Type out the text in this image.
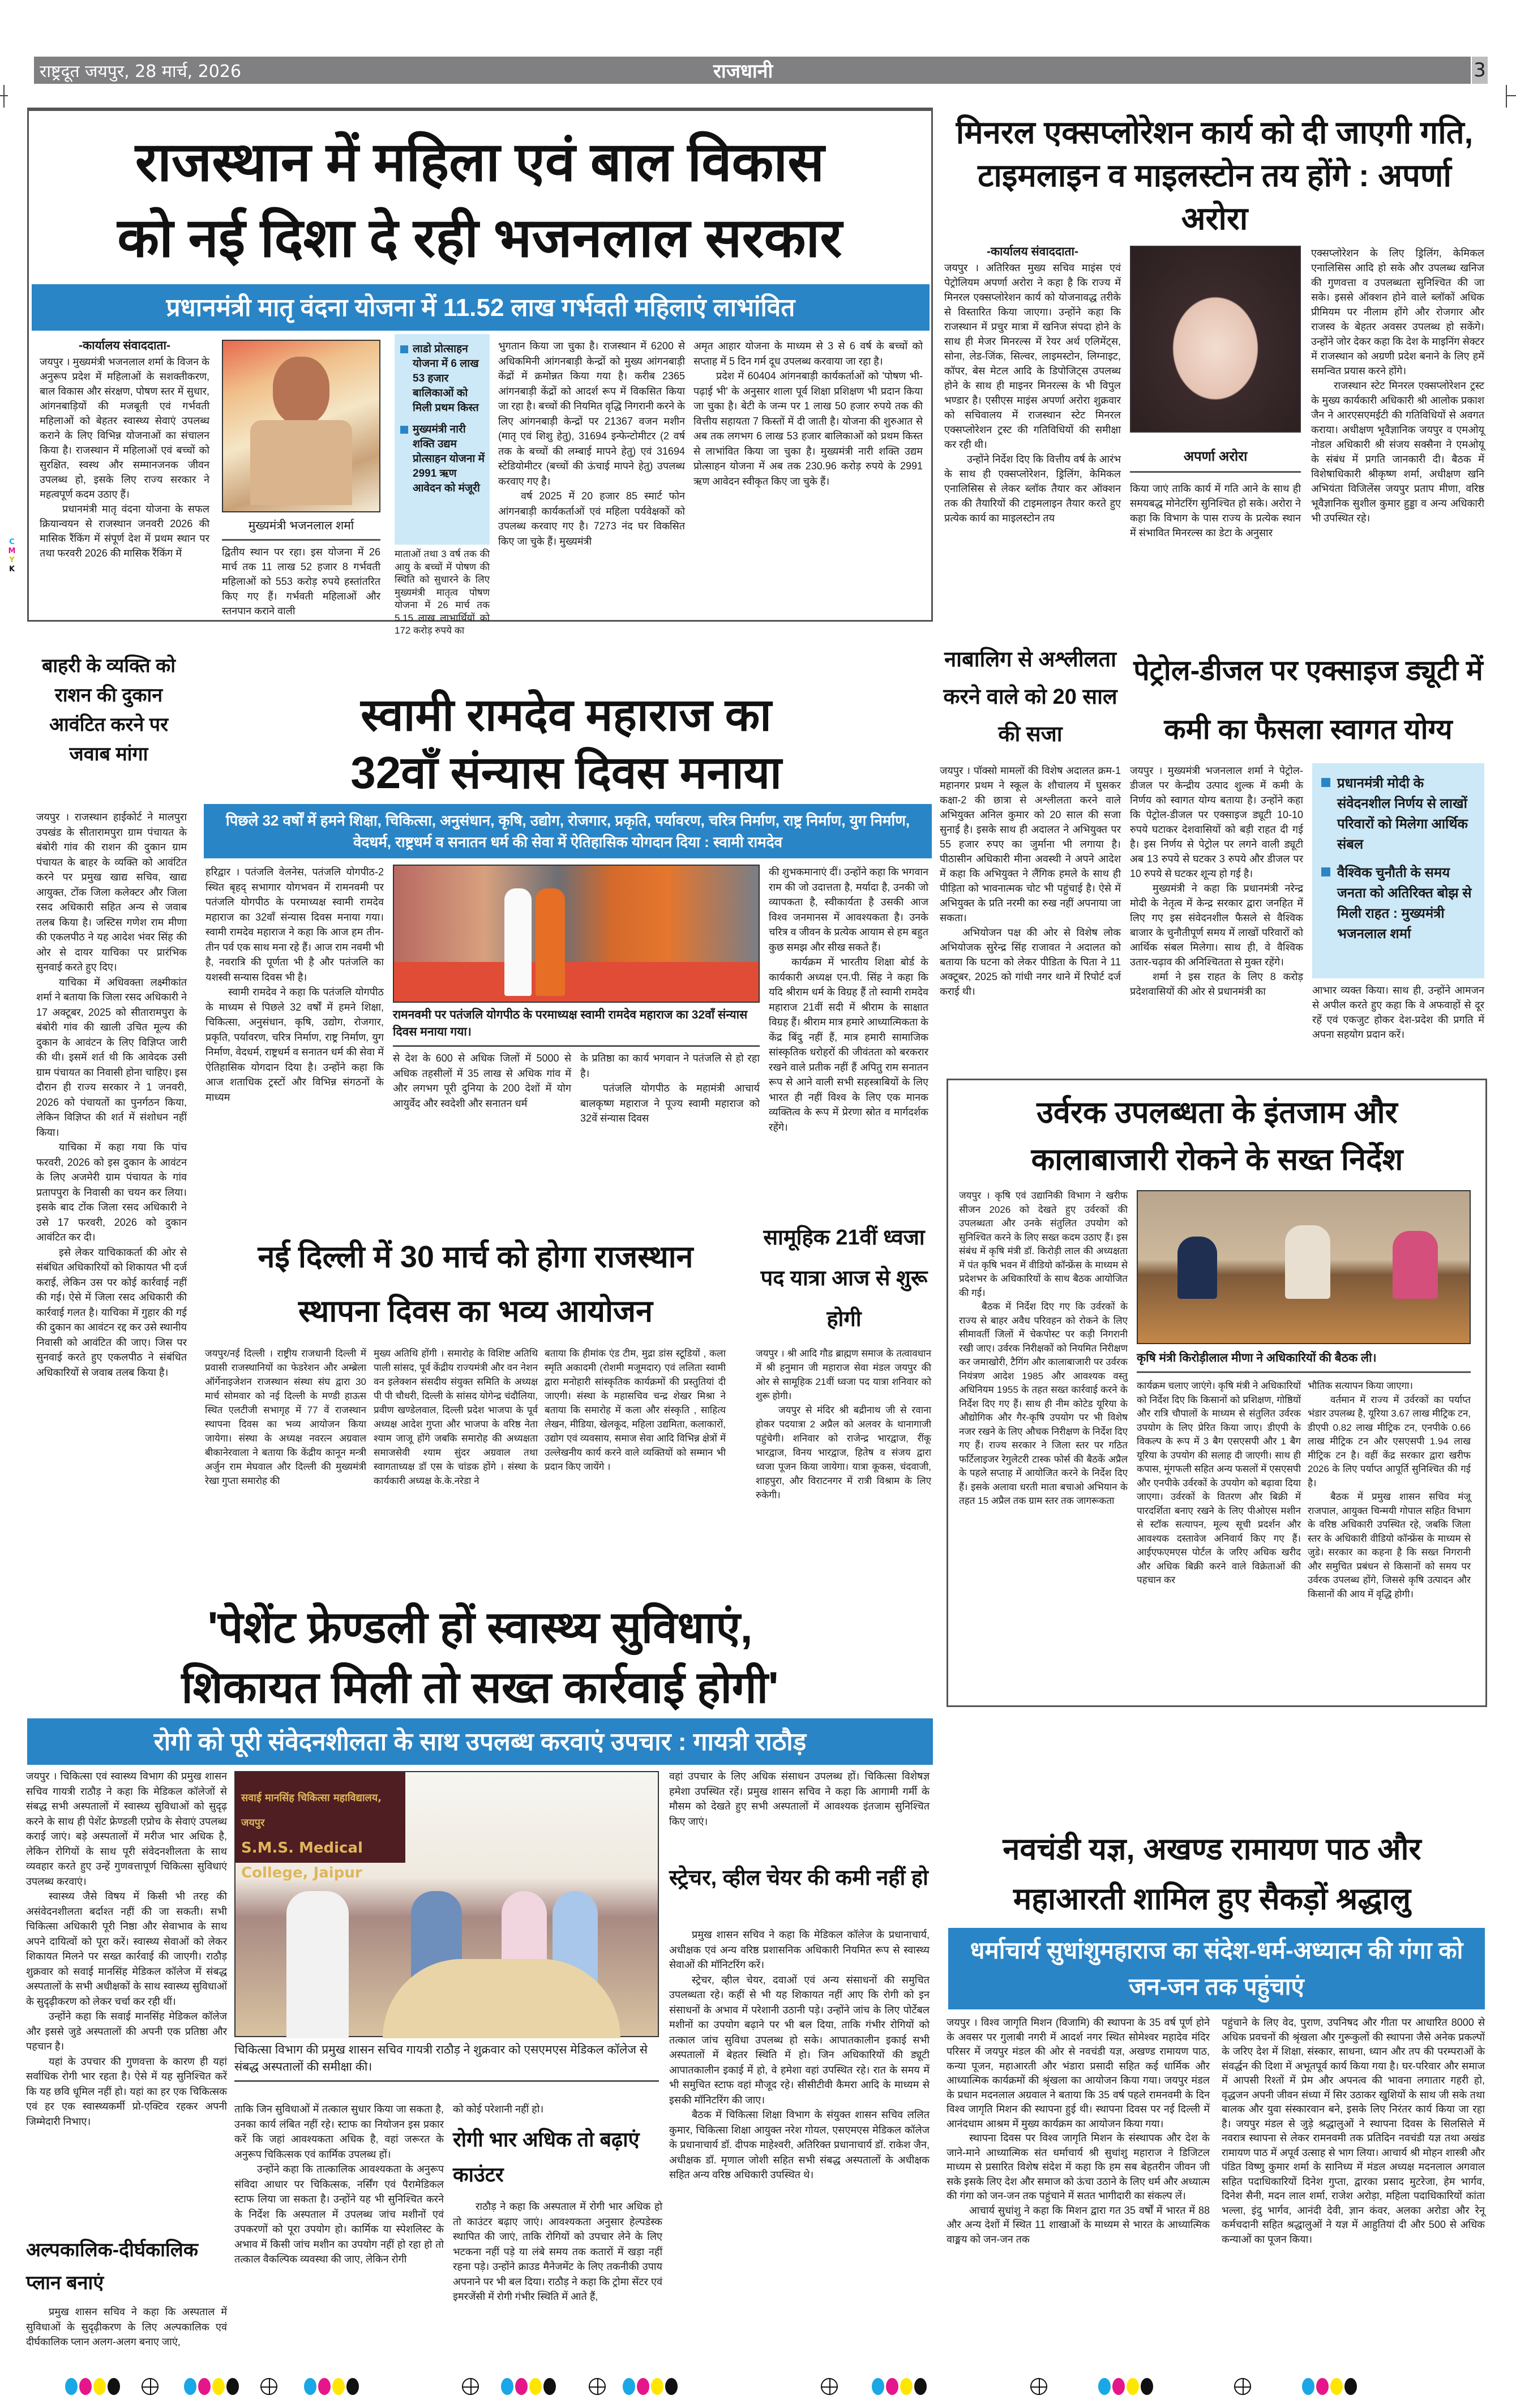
राष्ट्रदूत जयपुर, 28 मार्च, 2026	राजधानी	3
राजस्थान में महिला एवं बाल विकास
को नई दिशा दे रही भजनलाल सरकार
प्रधानमंत्री मातृ वंदना योजना में 11.52 लाख गर्भवती महिलाएं लाभांवित
-कार्यालय संवाददाता-

जयपुर । मुख्यमंत्री भजनलाल शर्मा के विजन के अनुरूप प्रदेश में महिलाओं के सशक्तीकरण, बाल विकास और संरक्षण, पोषण स्तर में सुधार, आंगनबाड़ियों की मजबूती एवं गर्भवती महिलाओं को बेहतर स्वास्थ्य सेवाएं उपलब्ध कराने के लिए विभिन्न योजनाओं का संचालन किया है। राजस्थान में महिलाओं एवं बच्चों को सुरक्षित, स्वस्थ और सम्मानजनक जीवन उपलब्ध हो, इसके लिए राज्य सरकार ने महत्वपूर्ण कदम उठाए हैं।

प्रधानमंत्री मातृ वंदना योजना के सफल क्रियान्वयन से राजस्थान जनवरी 2026 की मासिक रैंकिंग में संपूर्ण देश में प्रथम स्थान पर तथा फरवरी 2026 की मासिक रैंकिंग में

मुख्यमंत्री भजनलाल शर्मा

द्वितीय स्थान पर रहा। इस योजना में 26 मार्च तक 11 लाख 52 हजार 8 गर्भवती महिलाओं को 553 करोड़ रुपये हस्तांतरित किए गए हैं। गर्भवती महिलाओं और स्तनपान कराने वाली

लाडो प्रोत्साहन योजना में 6 लाख 53 हजार बालिकाओं को मिली प्रथम किस्त
मुख्यमंत्री नारी शक्ति उद्यम प्रोत्साहन योजना में 2991 ऋण आवेदन को मंजूरी

माताओं तथा 3 वर्ष तक की आयु के बच्चों में पोषण की स्थिति को सुधारने के लिए मुख्यमंत्री मातृत्व पोषण योजना में 26 मार्च तक 5.15 लाख लाभार्थियों को 172 करोड़ रुपये का

भुगतान किया जा चुका है। राजस्थान में 6200 से अधिकमिनी आंगनबाड़ी केन्द्रों को मुख्य आंगनबाड़ी केंद्रों में क्रमोन्नत किया गया है। करीब 2365 आंगनबाड़ी केंद्रों को आदर्श रूप में विकसित किया जा रहा है। बच्चों की नियमित वृद्धि निगरानी करने के लिए आंगनबाड़ी केन्द्रों पर 21367 वजन मशीन (मातृ एवं शिशु हेतु), 31694 इन्फेन्टोमीटर (2 वर्ष तक के बच्चों की लम्बाई मापने हेतु) एवं 31694 स्टेडियोमीटर (बच्चों की ऊंचाई मापने हेतु) उपलब्ध करवाए गए है।

वर्ष 2025 में 20 हजार 85 स्मार्ट फोन आंगनबाड़ी कार्यकर्ताओं एवं महिला पर्यवेक्षकों को उपलब्ध करवाए गए है। 7273 नंद घर विकसित किए जा चुके हैं। मुख्यमंत्री

अमृत आहार योजना के माध्यम से 3 से 6 वर्ष के बच्चों को सप्ताह में 5 दिन गर्म दूध उपलब्ध करवाया जा रहा है।

प्रदेश में 60404 आंगनबाड़ी कार्यकर्ताओं को 'पोषण भी-पढ़ाई भी' के अनुसार शाला पूर्व शिक्षा प्रशिक्षण भी प्रदान किया जा चुका है। बेटी के जन्म पर 1 लाख 50 हजार रुपये तक की वित्तीय सहायता 7 किस्तों में दी जाती है। योजना की शुरुआत से अब तक लगभग 6 लाख 53 हजार बालिकाओं को प्रथम किस्त से लाभांवित किया जा चुका है। मुख्यमंत्री नारी शक्ति उद्यम प्रोत्साहन योजना में अब तक 230.96 करोड़ रुपये के 2991 ऋण आवेदन स्वीकृत किए जा चुके हैं।

मिनरल एक्सप्लोरेशन कार्य को दी जाएगी गति, टाइमलाइन व माइलस्टोन तय होंगे : अपर्णा अरोरा
-कार्यालय संवाददाता-

जयपुर । अतिरिक्त मुख्य सचिव माइंस एवं पेट्रोलियम अपर्णा अरोरा ने कहा है कि राज्य में मिनरल एक्सप्लोरेशन कार्य को योजनावद्ध तरीके से विस्तारित किया जाएगा। उन्होंने कहा कि राजस्थान में प्रचुर मात्रा में खनिज संपदा होने के साथ ही मेजर मिनरल्स में रेयर अर्थ एलिमेंट्स, सोना, लेड-जिंक, सिल्वर, लाइमस्टोन, लिग्नाइट, कॉपर, बेस मेटल आदि के डिपोजिट्स उपलब्ध होने के साथ ही माइनर मिनरल्स के भी विपुल भण्डार है। एसीएस माइंस अपर्णा अरोरा शुक्रवार को सचिवालय में राजस्थान स्टेट मिनरल एक्सप्लोरेशन ट्रस्ट की गतिविधियों की समीक्षा कर रही थी।

उन्होंने निर्देश दिए कि वित्तीय वर्ष के आरंभ के साथ ही एक्सप्लोरेशन, ड्रिलिंग, केमिकल एनालिसिस से लेकर ब्लॉक तैयार कर ऑक्शन तक की तैयारियों की टाइमलाइन तैयार करते हुए प्रत्येक कार्य का माइलस्टोन तय

अपर्णा अरोरा

किया जाएं ताकि कार्य में गति आने के साथ ही समयबद्ध मोनेटरिंग सुनिश्चित हो सके। अरोरा ने कहा कि विभाग के पास राज्य के प्रत्येक स्थान में संभावित मिनरल्स का डेटा के अनुसार

एक्सप्लोरेशन के लिए ड्रिलिंग, केमिकल एनालिसिस आदि हो सके और उपलब्ध खनिज की गुणवत्ता व उपलब्धता सुनिश्चित की जा सके। इससे ऑक्शन होने वाले ब्लॉकों अधिक प्रीमियम पर नीलाम होंगे और रोजगार और राजस्व के बेहतर अवसर उपलब्ध हो सकेंगे। उन्होंने जोर देकर कहा कि देश के माइनिंग सेक्टर में राजस्थान को अग्रणी प्रदेश बनाने के लिए हमें समन्वित प्रयास करने होंगे।

राजस्थान स्टेट मिनरल एक्सप्लोरेशन ट्रस्ट के मुख्य कार्यकारी अधिकारी श्री आलोक प्रकाश जैन ने आरएसएमईटी की गतिविधियों से अवगत कराया। अधीक्षण भूवैज्ञानिक जयपुर व एमओयू नोडल अधिकारी श्री संजय सक्सैना ने एमओयू के संबंध में प्रगति जानकारी दी। बैठक में विशेषाधिकारी श्रीकृष्ण शर्मा, अधीक्षण खनि अभियंता विजिलेंस जयपुर प्रताप मीणा, वरिष्ठ भूवैज्ञानिक सुशील कुमार हुड्डा व अन्य अधिकारी भी उपस्थित रहे।

बाहरी के व्यक्ति को राशन की दुकान आवंटित करने पर जवाब मांगा

जयपुर । राजस्थान हाईकोर्ट ने मालपुरा उपखंड के सीतारामपुरा ग्राम पंचायत के बंबोरी गांव की राशन की दुकान ग्राम पंचायत के बाहर के व्यक्ति को आवंटित करने पर प्रमुख खाद्य सचिव, खाद्य आयुक्त, टोंक जिला कलेक्टर और जिला रसद अधिकारी सहित अन्य से जवाब तलब किया है। जस्टिस गणेश राम मीणा की एकलपीठ ने यह आदेश भंवर सिंह की ओर से दायर याचिका पर प्रारंभिक सुनवाई करते हुए दिए।

याचिका में अधिवक्ता लक्ष्मीकांत शर्मा ने बताया कि जिला रसद अधिकारी ने 17 अक्टूबर, 2025 को सीतारामपुरा के बंबोरी गांव की खाली उचित मूल्य की दुकान के आवंटन के लिए विज्ञिप्त जारी की थी। इसमें शर्त थी कि आवेदक उसी ग्राम पंचायत का निवासी होना चाहिए। इस दौरान ही राज्य सरकार ने 1 जनवरी, 2026 को पंचायतों का पुनर्गठन किया, लेकिन विज्ञिप्त की शर्त में संशोधन नहीं किया।

याचिका में कहा गया कि पांच फरवरी, 2026 को इस दुकान के आवंटन के लिए अजमेरी ग्राम पंचायत के गांव प्रतापपुरा के निवासी का चयन कर लिया। इसके बाद टोंक जिला रसद अधिकारी ने उसे 17 फरवरी, 2026 को दुकान आवंटित कर दी।

इसे लेकर याचिकाकर्ता की ओर से संबंधित अधिकारियों को शिकायत भी दर्ज कराई, लेकिन उस पर कोई कार्रवाई नहीं की गई। ऐसे में जिला रसद अधिकारी की कार्रवाई गलत है। याचिका में गुहार की गई की दुकान का आवंटन रद्द कर उसे स्थानीय निवासी को आवंटित की जाए। जिस पर सुनवाई करते हुए एकलपीठ ने संबंधित अधिकारियों से जवाब तलब किया है।

स्वामी रामदेव महाराज का
32वाँ संन्यास दिवस मनाया
पिछले 32 वर्षों में हमने शिक्षा, चिकित्सा, अनुसंधान, कृषि, उद्योग, रोजगार, प्रकृति, पर्यावरण, चरित्र निर्माण, राष्ट्र निर्माण, युग निर्माण, वेदधर्म, राष्ट्रधर्म व सनातन धर्म की सेवा में ऐतिहासिक योगदान दिया : स्वामी रामदेव

हरिद्वार । पतंजलि वेलनेस, पतंजलि योगपीठ-2 स्थित बृहद् सभागार योगभवन में रामनवमी पर पतंजलि योगपीठ के परमाध्यक्ष स्वामी रामदेव महाराज का 32वाँ संन्यास दिवस मनाया गया। स्वामी रामदेव महाराज ने कहा कि आज हम तीन-तीन पर्व एक साथ मना रहे हैं। आज राम नवमी भी है, नवरात्रि की पूर्णता भी है और पतंजलि का यशस्वी सन्यास दिवस भी है।

स्वामी रामदेव ने कहा कि पतंजलि योगपीठ के माध्यम से पिछले 32 वर्षों में हमने शिक्षा, चिकित्सा, अनुसंधान, कृषि, उद्योग, रोजगार, प्रकृति, पर्यावरण, चरित्र निर्माण, राष्ट्र निर्माण, युग निर्माण, वेदधर्म, राष्ट्रधर्म व सनातन धर्म की सेवा में ऐतिहासिक योगदान दिया है। उन्होंने कहा कि आज शताधिक ट्रस्टों और विभिन्न संगठनों के माध्यम

रामनवमी पर पतंजलि योगपीठ के परमाध्यक्ष स्वामी रामदेव महाराज का 32वाँ संन्यास दिवस मनाया गया।

से देश के 600 से अधिक जिलों में 5000 से अधिक तहसीलों में 35 लाख से अधिक गांव में और लगभग पूरी दुनिया के 200 देशों में योग आयुर्वेद और स्वदेशी और सनातन धर्म

के प्रतिष्ठा का कार्य भगवान ने पतंजलि से हो रहा है।

पतंजलि योगपीठ के महामंत्री आचार्य बालकृष्ण महाराज ने पूज्य स्वामी महाराज को 32वें संन्यास दिवस

की शुभकमानाएं दीं। उन्होंने कहा कि भगवान राम की जो उदात्तता है, मर्यादा है, उनकी जो व्यापकता है, स्वीकार्यता है उसकी आज विश्व जनमानस में आवश्यकता है। उनके चरित्र व जीवन के प्रत्येक आयाम से हम बहुत कुछ समझ और सीख सकते हैं।

कार्यक्रम में भारतीय शिक्षा बोर्ड के कार्यकारी अध्यक्ष एन.पी. सिंह ने कहा कि यदि श्रीराम धर्म के विग्रह हैं तो स्वामी रामदेव महाराज 21वीं सदी में श्रीराम के साक्षात विग्रह हैं। श्रीराम मात्र हमारे आध्यात्मिकता के केंद्र बिंदु नहीं हैं, मात्र हमारी सामाजिक सांस्कृतिक धरोहरों की जीवंतता को बरकरार रखने वाले प्रतीक नहीं हैं अपितु राम सनातन रूप से आने वाली सभी सहस्त्राबियों के लिए भारत ही नहीं विश्व के लिए एक मानक व्यक्तित्व के रूप में प्रेरणा स्रोत व मार्गदर्शक रहेंगे।

नाबालिग से अश्लीलता करने वाले को 20 साल की सजा

जयपुर । पॉक्सो मामलों की विशेष अदालत क्रम-1 महानगर प्रथम ने स्कूल के शौचालय में घुसकर कक्षा-2 की छात्रा से अश्लीलता करने वाले अभियुक्त अनिल कुमार को 20 साल की सजा सुनाई है। इसके साथ ही अदालत ने अभियुक्त पर 55 हजार रुपए का जुर्माना भी लगाया है। पीठासीन अधिकारी मीना अवस्थी ने अपने आदेश में कहा कि अभियुक्त ने लैंगिक हमले के साथ ही पीड़िता को भावनात्मक चोट भी पहुंचाई है। ऐसे में अभियुक्त के प्रति नरमी का रुख नहीं अपनाया जा सकता।

अभियोजन पक्ष की ओर से विशेष लोक अभियोजक सुरेन्द्र सिंह राजावत ने अदालत को बताया कि घटना को लेकर पीडिता के पिता ने 11 अक्टूबर, 2025 को गांधी नगर थाने में रिपोर्ट दर्ज कराई थी।

पेट्रोल-डीजल पर एक्साइज ड्यूटी में कमी का फैसला स्वागत योग्य

जयपुर । मुख्यमंत्री भजनलाल शर्मा ने पेट्रोल-डीजल पर केन्द्रीय उत्पाद शुल्क में कमी के निर्णय को स्वागत योग्य बताया है। उन्होंने कहा कि पेट्रोल-डीजल पर एक्साइज ड्यूटी 10-10 रुपये घटाकर देशवासियों को बड़ी राहत दी गई है। इस निर्णय से पेट्रोल पर लगने वाली ड्यूटी अब 13 रुपये से घटकर 3 रुपये और डीजल पर 10 रुपये से घटकर शून्य हो गई है।

मुख्यमंत्री ने कहा कि प्रधानमंत्री नरेन्द्र मोदी के नेतृत्व में केन्द्र सरकार द्वारा जनहित में लिए गए इस संवेदनशील फैसले से वैश्विक बाजार के चुनौतीपूर्ण समय में लाखों परिवारों को आर्थिक संबल मिलेगा। साथ ही, वे वैश्विक उतार-चढ़ाव की अनिश्चितता से मुक्त रहेंगे।

शर्मा ने इस राहत के लिए 8 करोड़ प्रदेशवासियों की ओर से प्रधानमंत्री का

प्रधानमंत्री मोदी के संवेदनशील निर्णय से लाखों परिवारों को मिलेगा आर्थिक संबल
वैश्विक चुनौती के समय जनता को अतिरिक्त बोझ से मिली राहत : मुख्यमंत्री भजनलाल शर्मा

आभार व्यक्त किया। साथ ही, उन्होंने आमजन से अपील करते हुए कहा कि वे अफवाहों से दूर रहें एवं एकजुट होकर देश-प्रदेश की प्रगति में अपना सहयोग प्रदान करें।

उर्वरक उपलब्धता के इंतजाम और
कालाबाजारी रोकने के सख्त निर्देश

जयपुर । कृषि एवं उद्यानिकी विभाग ने खरीफ सीजन 2026 को देखते हुए उर्वरकों की उपलब्धता और उनके संतुलित उपयोग को सुनिश्चित करने के लिए सख्त कदम उठाए हैं। इस संबंध में कृषि मंत्री डॉ. किरोड़ी लाल की अध्यक्षता में पंत कृषि भवन में वीडियो कॉन्फ्रेंस के माध्यम से प्रदेशभर के अधिकारियों के साथ बैठक आयोजित की गई।

बैठक में निर्देश दिए गए कि उर्वरकों के राज्य से बाहर अवैध परिवहन को रोकने के लिए सीमावर्ती जिलों में चेकपोस्ट पर कड़ी निगरानी रखी जाए। उर्वरक निरीक्षकों को नियमित निरीक्षण कर जमाखोरी, टैगिंग और कालाबाजारी पर उर्वरक नियंत्रण आदेश 1985 और आवश्यक वस्तु अधिनियम 1955 के तहत सख्त कार्रवाई करने के निर्देश दिए गए हैं। साथ ही नीम कोटेड यूरिया के औद्योगिक और गैर-कृषि उपयोग पर भी विशेष नजर रखने के लिए औचक निरीक्षण के निर्देश दिए गए हैं। राज्य सरकार ने जिला स्तर पर गठित फर्टिलाइजर रेगुलेटरी टास्क फोर्स की बैठकें अप्रैल के पहले सप्ताह में आयोजित करने के निर्देश दिए हैं। इसके अलावा धरती माता बचाओ अभियान के तहत 15 अप्रैल तक ग्राम स्तर तक जागरूकता

कृषि मंत्री किरोड़ीलाल मीणा ने अधिकारियों की बैठक ली।

कार्यक्रम चलाए जाएंगे। कृषि मंत्री ने अधिकारियों को निर्देश दिए कि किसानों को प्रशिक्षण, गोष्ठियों और रात्रि चौपालों के माध्यम से संतुलित उर्वरक उपयोग के लिए प्रेरित किया जाए। डीएपी के विकल्प के रूप में 3 बैग एसएसपी और 1 बैग यूरिया के उपयोग की सलाह दी जाएगी। साथ ही कपास, मूंगफली सहित अन्य फसलों में एसएसपी और एनपीके उर्वरकों के उपयोग को बढ़ावा दिया जाएगा। उर्वरकों के वितरण और बिक्री में पारदर्शिता बनाए रखने के लिए पीओएस मशीन से स्टॉक सत्यापन, मूल्य सूची प्रदर्शन और आवश्यक दस्तावेज अनिवार्य किए गए हैं। आईएफएमएस पोर्टल के जरिए अधिक खरीद और अधिक बिक्री करने वाले विक्रेताओं की पहचान कर

भौतिक सत्यापन किया जाएगा।

वर्तमान में राज्य में उर्वरकों का पर्याप्त भंडार उपलब्ध है, यूरिया 3.67 लाख मीट्रिक टन, डीएपी 0.82 लाख मीट्रिक टन, एनपीके 0.66 लाख मीट्रिक टन और एसएसपी 1.94 लाख मीट्रिक टन है। वहीं केंद्र सरकार द्वारा खरीफ 2026 के लिए पर्याप्त आपूर्ति सुनिश्चित की गई है।

बैठक में प्रमुख शासन सचिव मंजू राजपाल, आयुक्त चिन्मयी गोपाल सहित विभाग के वरिष्ठ अधिकारी उपस्थित रहे, जबकि जिला स्तर के अधिकारी वीडियो कॉन्फ्रेंस के माध्यम से जुडे। सरकार का कहना है कि सख्त निगरानी और समुचित प्रबंधन से किसानों को समय पर उर्वरक उपलब्ध होंगे, जिससे कृषि उत्पादन और किसानों की आय में वृद्धि होगी।

नई दिल्ली में 30 मार्च को होगा राजस्थान
स्थापना दिवस का भव्य आयोजन

जयपुर/नई दिल्ली । राष्ट्रीय राजधानी दिल्ली में प्रवासी राजस्थानियों का फेडरेशन और अम्ब्रेला ऑर्गेनाइजेशन राजस्थान संस्था संघ द्वारा 30 मार्च सोमवार को नई दिल्ली के मण्डी हाऊस स्थित एलटीजी सभागृह में 77 वें राजस्थान स्थापना दिवस का भव्य आयोजन किया जायेगा। संस्था के अध्यक्ष नवरत्न अग्रवाल बीकानेरवाला ने बताया कि केंद्रीय कानून मन्त्री अर्जुन राम मेघवाल और दिल्ली की मुख्यमंत्री रेखा गुप्ता समारोह की

मुख्य अतिथि होंगी । समारोह के विशिष्ट अतिथि पाली सांसद, पूर्व केंद्रीय राज्यमंत्री और वन नेशन वन इलेक्शन संसदीय संयुक्त समिति के अध्यक्ष पी पी चौधरी, दिल्ली के सांसद योगेन्द्र चंदौलिया, प्रवीण खण्डेलवाल, दिल्ली प्रदेश भाजपा के पूर्व अध्यक्ष आदेश गुप्ता और भाजपा के वरिष्ठ नेता श्याम जाजू होंगे जबकि समारोह की अध्यक्षता समाजसेवी श्याम सुंदर अग्रवाल तथा स्वागताध्यक्ष डॉ एस के चांडक होंगे । संस्था के कार्यकारी अध्यक्ष के.के.नरेडा ने

बताया कि हीमांक एंड टीम, मुद्रा डांस स्टूडियों , कला स्मृति अकादमी (रोशमी मजूमदार) एवं ललिता स्वामी द्वारा मनोहारी सांस्कृतिक कार्यक्रमों की प्रस्तुतियां दी जाएगी। संस्था के महासचिव चन्द्र शेखर मिश्रा ने बताया कि समारोह में कला और संस्कृति , साहित्य लेखन, मीडिया, खेलकूद, महिला उद्यमिता, कलाकारों, उद्योग एवं व्यवसाय, समाज सेवा आदि विभिन्न क्षेत्रों में उल्लेखनीय कार्य करने वाले व्यक्तियों को सम्मान भी प्रदान किए जायेंगे ।

सामूहिक 21वीं ध्वजा पद यात्रा आज से शुरू होगी

जयपुर । श्री आदि गौड ब्राह्मण समाज के तत्वावधान में श्री हनुमान जी महाराज सेवा मंडल जयपुर की ओर से सामूहिक 21वीं ध्वजा पद यात्रा शनिवार को शुरू होगी।

जयपुर से मंदिर श्री बद्रीनाथ जी से रवाना होकर पदयात्रा 2 अप्रैल को अलवर के थानागाजी पहुंचेगी। शनिवार को राजेन्द्र भारद्वाज, रींकू भारद्वाज, विनय भारद्वाज, हितेष व संजय द्वारा ध्वजा पूजन किया जायेगा। यात्रा कूकस, चंदवाजी, शाहपुरा, और विराटनगर में रात्री विश्राम के लिए रुकेगी।

'पेशेंट फ्रेण्डली हों स्वास्थ्य सुविधाएं,
शिकायत मिली तो सख्त कार्रवाई होगी'
रोगी को पूरी संवेदनशीलता के साथ उपलब्ध करवाएं उपचार : गायत्री राठौड़

जयपुर । चिकित्सा एवं स्वास्थ्य विभाग की प्रमुख शासन सचिव गायत्री राठौड़ ने कहा कि मेडिकल कॉलेजों से संबद्ध सभी अस्पतालों में स्वास्थ्य सुविधाओं को सुदृढ़ करने के साथ ही पेशेंट फ्रेण्डली एप्रोच के सेवाएं उपलब्ध कराई जाएं। बड़े अस्पतालों में मरीज भार अधिक है, लेकिन रोगियों के साथ पूरी संवेदनशीलता के साथ व्यवहार करते हुए उन्हें गुणवत्तापूर्ण चिकित्सा सुविधाएं उपलब्ध करवाएं।

स्वास्थ्य जैसे विषय में किसी भी तरह की असंवेदनशीलता बर्दाश्त नहीं की जा सकती। सभी चिकित्सा अधिकारी पूरी निष्ठा और सेवाभाव के साथ अपने दायित्वों को पूरा करें। स्वास्थ्य सेवाओं को लेकर शिकायत मिलने पर सख्त कार्रवाई की जाएगी। राठौड़ शुक्रवार को सवाई मानसिंह मेडिकल कॉलेज में संबद्ध अस्पतालों के सभी अधीक्षकों के साथ स्वास्थ्य सुविधाओं के सुदृढ़ीकरण को लेकर चर्चा कर रही थीं।

उन्होंने कहा कि सवाई मानसिंह मेडिकल कॉलेज और इससे जुडे अस्पतालों की अपनी एक प्रतिष्ठा और पहचान है।

यहां के उपचार की गुणवत्ता के कारण ही यहां सर्वाधिक रोगी भार रहता है। ऐसे में यह सुनिश्चित करें कि यह छवि धूमिल नहीं हो। यहां का हर एक चिकित्सक एवं हर एक स्वास्थ्यकर्मी प्रो-एक्टिव रहकर अपनी जिम्मेदारी निभाए।

अल्पकालिक-दीर्घकालिक प्लान बनाएं

प्रमुख शासन सचिव ने कहा कि अस्पताल में सुविधाओं के सुदृढ़ीकरण के लिए अल्पकालिक एवं दीर्घकालिक प्लान अलग-अलग बनाए जाएं,

सवाई मानसिंह चिकित्सा महाविद्यालय, जयपुर
S.M.S. Medical College, Jaipur
चिकित्सा विभाग की प्रमुख शासन सचिव गायत्री राठौड़ ने शुक्रवार को एसएमएस मेडिकल कॉलेज से संबद्ध अस्पतालों की समीक्षा की।

ताकि जिन सुविधाओं में तत्काल सुधार किया जा सकता है, उनका कार्य लंबित नहीं रहे। स्टाफ का नियोजन इस प्रकार करें कि जहां आवश्यकता अधिक है, वहां जरूरत के अनुरूप चिकित्सक एवं कार्मिक उपलब्ध हों।

उन्होंने कहा कि तात्कालिक आवश्यकता के अनुरूप संविदा आधार पर चिकित्सक, नर्सिंग एवं पैरामेडिकल स्टाफ लिया जा सकता है। उन्होंने यह भी सुनिश्चित करने के निर्देश कि अस्पताल में उपलब्ध जांच मशीनों एवं उपकरणों को पूरा उपयोग हो। कार्मिक या स्पेशलिस्ट के अभाव में किसी जांच मशीन का उपयोग नहीं हो रहा हो तो तत्काल वैकल्पिक व्यवस्था की जाए, लेकिन रोगी

को कोई परेशानी नहीं हो।

रोगी भार अधिक तो बढ़ाएं काउंटर

राठौड़ ने कहा कि अस्पताल में रोगी भार अधिक हो तो काउंटर बढ़ाए जाएं। आवश्यकता अनुसार हेल्पडेस्क स्थापित की जाएं, ताकि रोगियों को उपचार लेने के लिए भटकना नहीं पड़े या लंबे समय तक कतारों में खड़ा नहीं रहना पड़े। उन्होंने क्राउड मैनेजमेंट के लिए तकनीकी उपाय अपनाने पर भी बल दिया। राठौड़ ने कहा कि ट्रोमा सेंटर एवं इमरजेंसी में रोगी गंभीर स्थिति में आते हैं,

वहां उपचार के लिए अधिक संसाधन उपलब्ध हों। चिकित्सा विशेषज्ञ हमेशा उपस्थित रहें। प्रमुख शासन सचिव ने कहा कि आगामी गर्मी के मौसम को देखते हुए सभी अस्पतालों में आवश्यक इंतजाम सुनिश्चित किए जाएं।

स्ट्रेचर, व्हील चेयर की कमी नहीं हो

प्रमुख शासन सचिव ने कहा कि मेडिकल कॉलेज के प्रधानाचार्य, अधीक्षक एवं अन्य वरिष्ठ प्रशासनिक अधिकारी नियमित रूप से स्वास्थ्य सेवाओं की मॉनिटरिंग करें।

स्ट्रेचर, व्हील चेयर, दवाओं एवं अन्य संसाधनों की समुचित उपलब्धता रहे। कहीं से भी यह शिकायत नहीं आए कि रोगी को इन संसाधनों के अभाव में परेशानी उठानी पड़े। उन्होंने जांच के लिए पोर्टेबल मशीनों का उपयोग बढ़ाने पर भी बल दिया, ताकि गंभीर रोगियों को तत्काल जांच सुविधा उपलब्ध हो सके। आपातकालीन इकाई सभी अस्पतालों में बेहतर स्थिति में हो। जिन अधिकारियों की ड्यूटी आपातकालीन इकाई में हो, वे हमेशा वहां उपस्थित रहे। रात के समय में भी समुचित स्टाफ वहां मौजूद रहे। सीसीटीवी कैमरा आदि के माध्यम से इसकी मॉनिटरिंग की जाए।

बैठक में चिकित्सा शिक्षा विभाग के संयुक्त शासन सचिव ललित कुमार, चिकित्सा शिक्षा आयुक्त नरेश गोयल, एसएमएस मेडिकल कॉलेज के प्रधानाचार्य डॉ. दीपक माहेश्वरी, अतिरिक्त प्रधानाचार्य डॉ. राकेश जैन, अधीक्षक डॉ. मृणाल जोशी सहित सभी संबद्ध अस्पतालों के अधीक्षक सहित अन्य वरिष्ठ अधिकारी उपस्थित थे।

नवचंडी यज्ञ, अखण्ड रामायण पाठ और
महाआरती शामिल हुए सैकड़ों श्रद्धालु
धर्माचार्य सुधांशुमहाराज का संदेश-धर्म-अध्यात्म की गंगा को जन-जन तक पहुंचाएं

जयपुर । विश्व जागृति मिशन (विजामि) की स्थापना के 35 वर्ष पूर्ण होने के अवसर पर गुलाबी नगरी में आदर्श नगर स्थित सोमेश्वर महादेव मंदिर परिसर में जयपुर मंडल की ओर से नवचंडी यज्ञ, अखण्ड रामायण पाठ, कन्या पूजन, महाआरती और भंडारा प्रसादी सहित कई धार्मिक और आध्यात्मिक कार्यक्रमों की श्रृंखला का आयोजन किया गया। जयपुर मंडल के प्रधान मदनलाल अग्रवाल ने बताया कि 35 वर्ष पहले रामनवमी के दिन विश्व जागृति मिशन की स्थापना हुई थी। स्थापना दिवस पर नई दिल्ली में आनंदधाम आश्रम में मुख्य कार्यक्रम का आयोजन किया गया।

स्थापना दिवस पर विश्व जागृति मिशन के संस्थापक और देश के जाने-माने आध्यात्मिक संत धर्माचार्य श्री सुधांशु महाराज ने डिजिटल माध्यम से प्रसारित विशेष संदेश में कहा कि हम सब बेहतरीन जीवन जी सके इसके लिए देश और समाज को ऊंचा उठाने के लिए धर्म और अध्यात्म की गंगा को जन-जन तक पहुंचाने में सतत भागीदारी का संकल्प लें।

आचार्य सुधांशु ने कहा कि मिशन द्वारा गत 35 वर्षों में भारत में 88 और अन्य देशों में स्थित 11 शाखाओं के माध्यम से भारत के आध्यात्मिक वाङ्मय को जन-जन तक

पहुंचाने के लिए वेद, पुराण, उपनिषद और गीता पर आधारित 8000 से अधिक प्रवचनों की श्रृंखला और गुरूकुलों की स्थापना जैसे अनेक प्रकल्पों के जरिए देश में शिक्षा, संस्कार, साधना, ध्यान और तप की परम्पराओं के संवर्द्धन की दिशा में अभूतपूर्व कार्य किया गया है। घर-परिवार और समाज में आपसी रिश्तों में प्रेम और अपनत्व की भावना लगातार गहरी हो, वृद्धजन अपनी जीवन संध्या में सिर उठाकर खुशियों के साथ जी सके तथा बालक और युवा संस्कारवान बने, इसके लिए निरंतर कार्य किया जा रहा है। जयपुर मंडल से जुड़े श्रद्धालुओं ने स्थापना दिवस के सिलसिले में नवरात्र स्थापना से लेकर रामनवमी तक प्रतिदिन नवचंडी यज्ञ तथा अखंड रामायण पाठ में अपूर्व उत्साह से भाग लिया। आचार्य श्री मोहन शास्त्री और पंडित विष्णु कुमार शर्मा के सानिध्य में मंडल अध्यक्ष मदनलाल अगवाल सहित पदाधिकारियों दिनेश गुप्ता, द्वारका प्रसाद मुटरेजा, हेम भार्गव, दिनेश सैनी, मदन लाल शर्मा, राजेश अरोड़ा, महिला पदाधिकारियों कांता भल्ला, इंदु भार्गव, आनंदी देवी, ज्ञान कंवर, अलका अरोडा और रेनू कर्मचदानी सहित श्रद्धालुओं ने यज्ञ में आहुतियां दी और 500 से अधिक कन्याओं का पूजन किया।

C
M
Y
K
